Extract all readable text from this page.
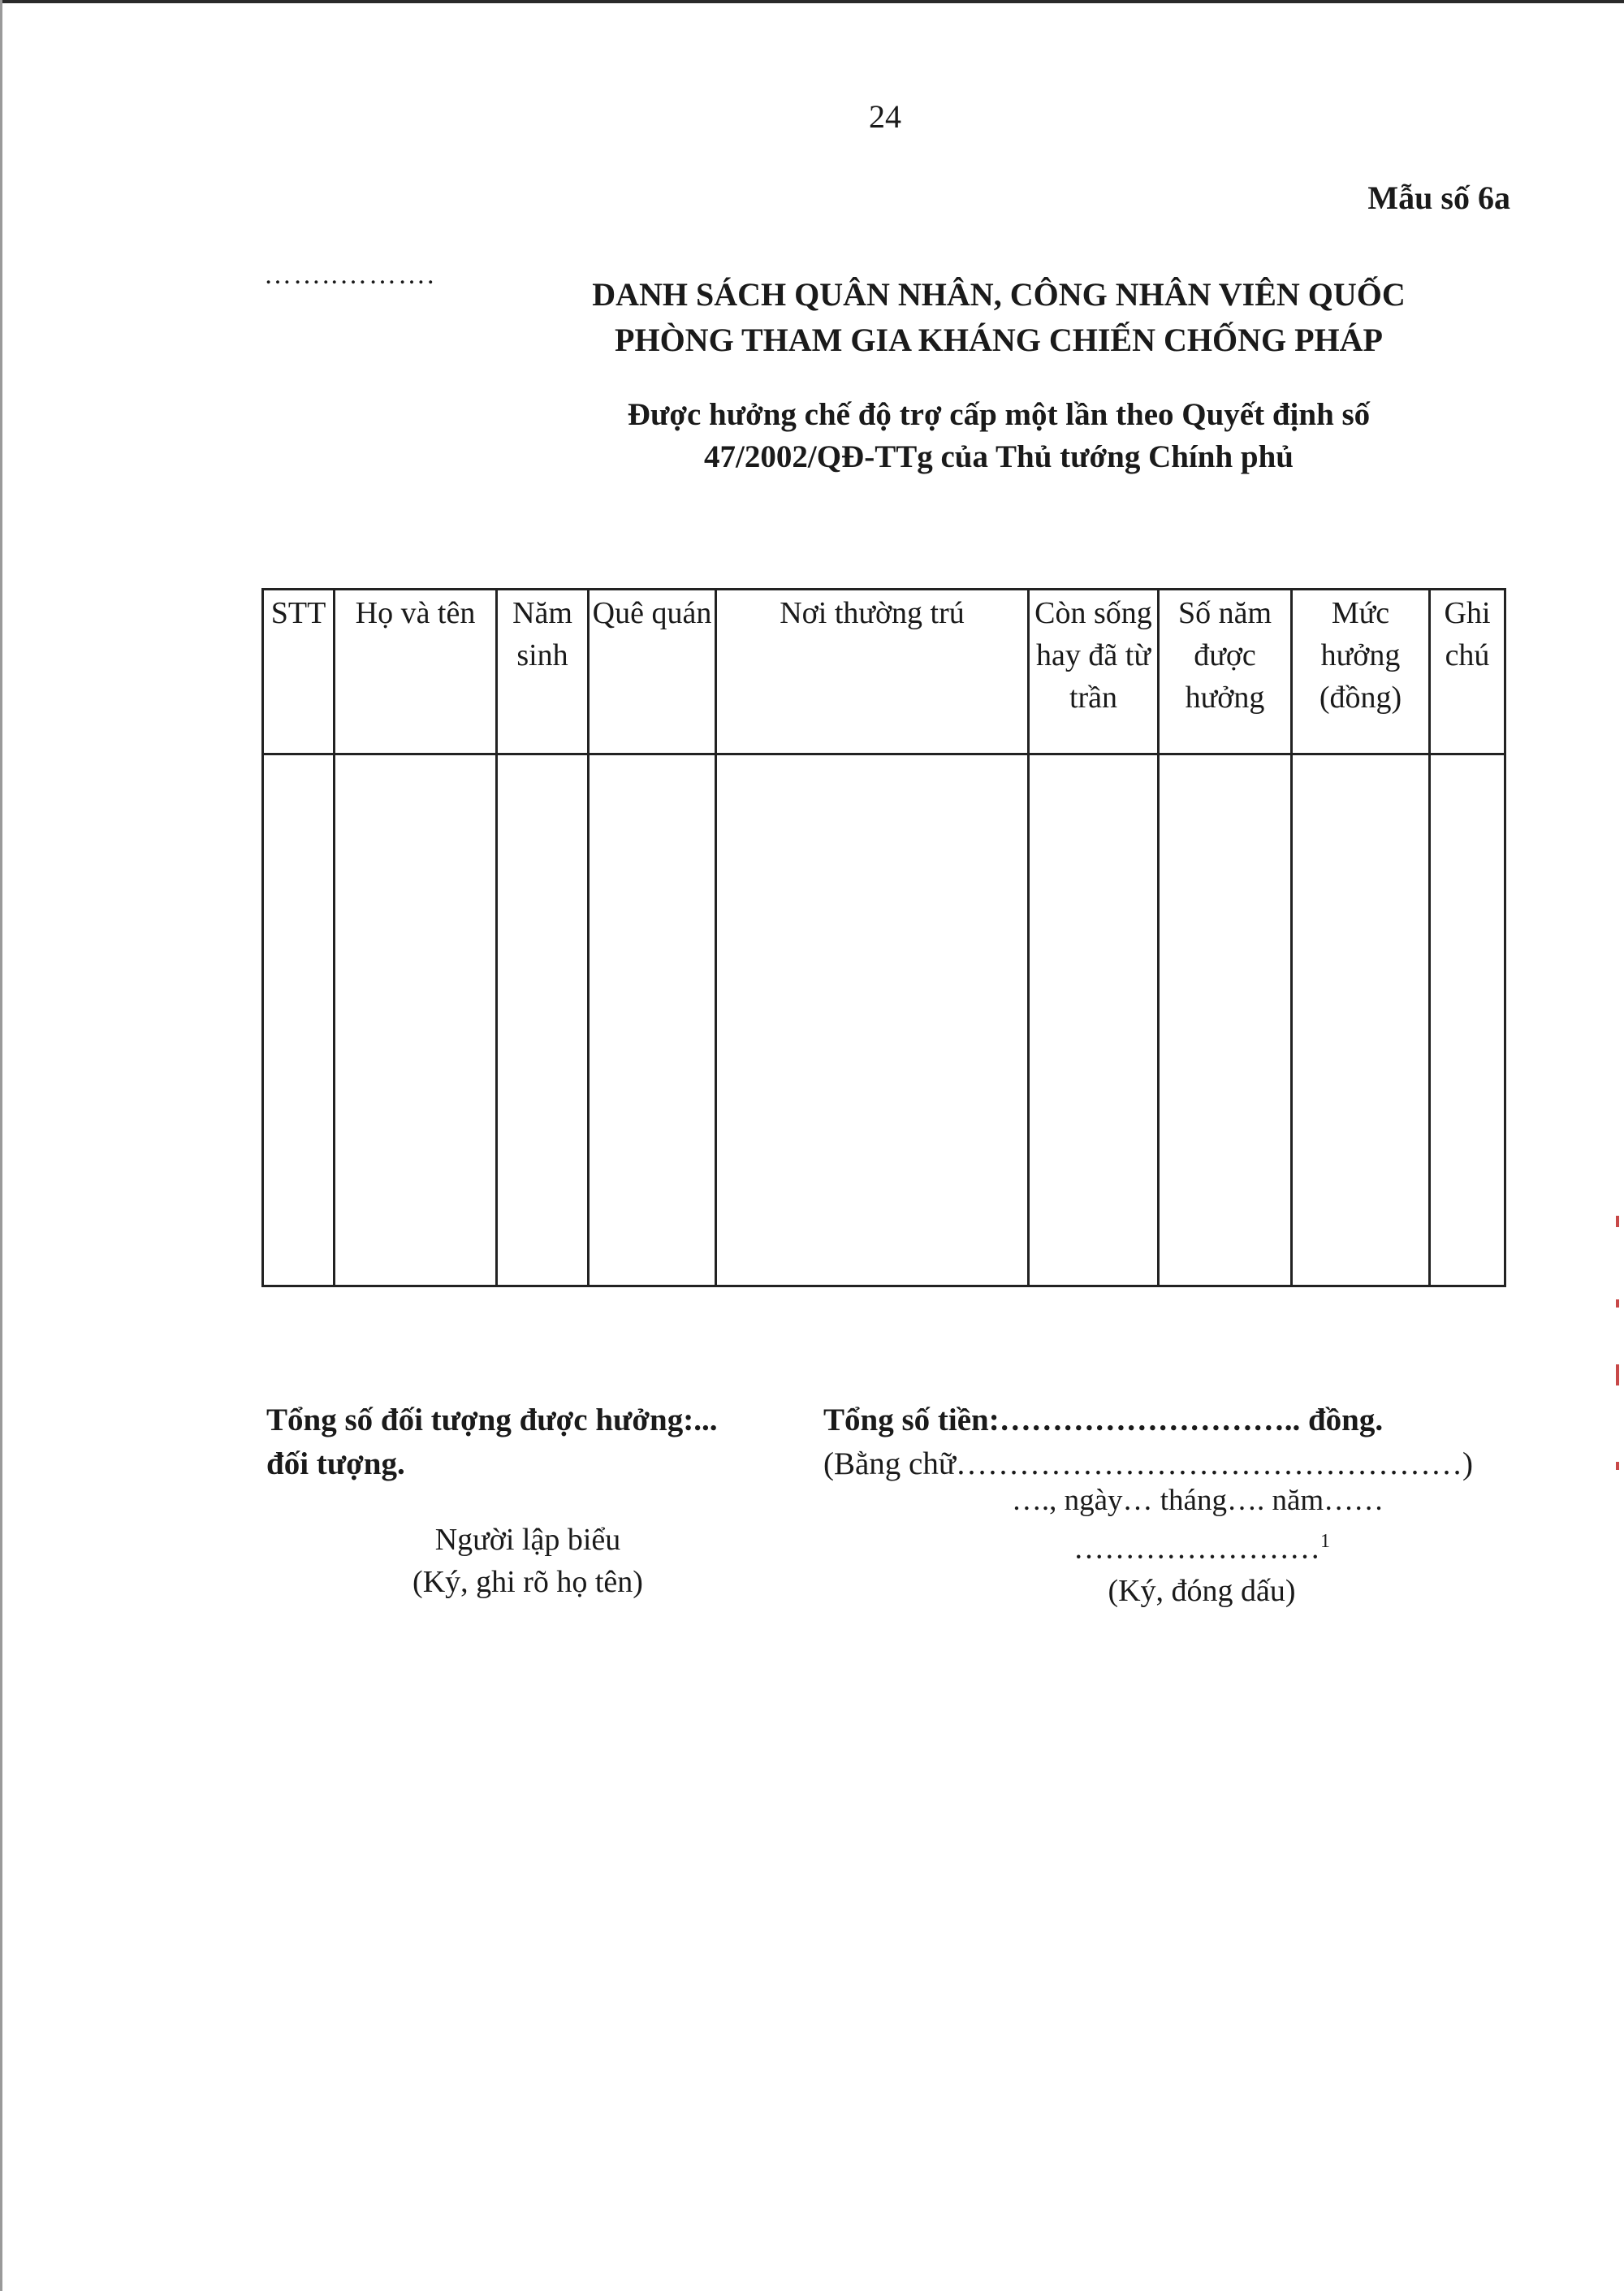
24
Mẫu số 6a
……..……….
DANH SÁCH QUÂN NHÂN, CÔNG NHÂN VIÊN QUỐC
PHÒNG THAM GIA KHÁNG CHIẾN CHỐNG PHÁP
Được hưởng chế độ trợ cấp một lần theo Quyết định số
47/2002/QĐ-TTg của Thủ tướng Chính phủ
STT	Họ và tên	Năm sinh	Quê quán	Nơi thường trú	Còn sống hay đã từ trần	Số năm được hưởng	Mức hưởng (đồng)	Ghi chú

Tổng số đối tượng được hưởng:...
đối tượng.
Tổng số tiền:……………………….. đồng.
(Bằng chữ…………………………………………)
…., ngày… tháng…. năm……
Người lập biểu
(Ký, ghi rõ họ tên)
……………………$^1$
(Ký, đóng dấu)
